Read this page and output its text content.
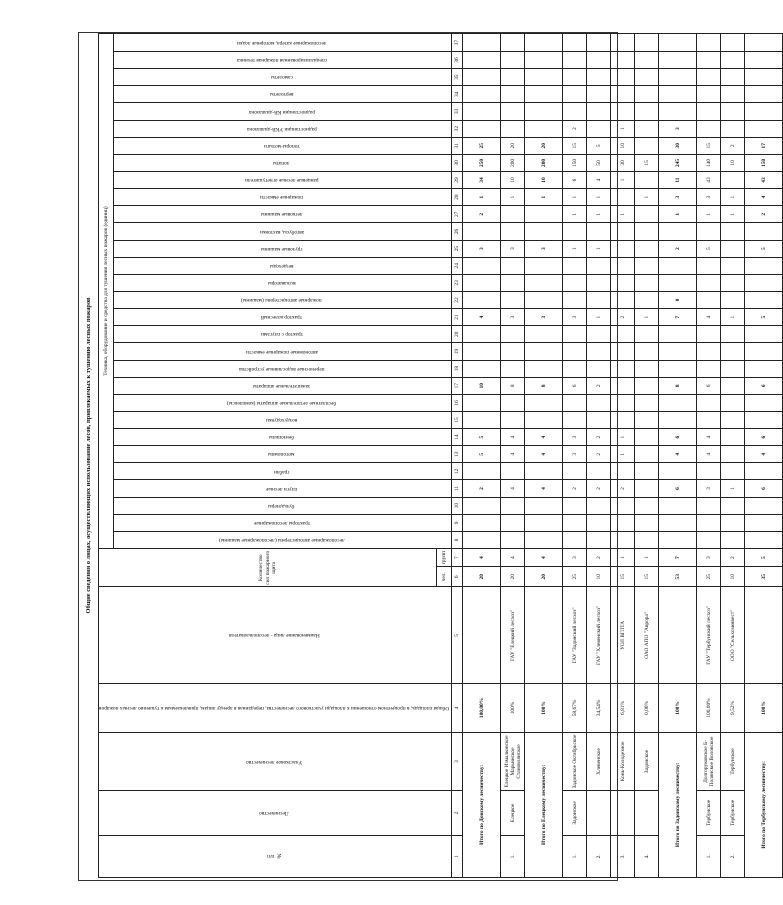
Общие сведения о лицах, осуществляющих использование лесов, привлекаемых к тушению лесных пожаров
№ п/п	Лесничество	Участковое лесничество	Общая площадь, в процентном отношении к площади участкового лесничества, переданная в аренду лицам, привлекаемым к тушению лесных пожаров	Наименование лица - лесопользователя	Количество сил пожарного щита		Техника, оборудование и средства для тушения лесных пожаров (единиц)																													
							лесопожарные автоцистерны (лесопожарные машины)	тракторы лесопожарные	бульдозеры	плуги лесные	грабли	мотопомпы	бензопилы	воздуходувки	бесплатные летательные аппараты (комплексы)	зажигательные аппараты	переносные водосливные устройства	автономные пожарные емкости	трактор с плугами	трактор колесный	пожарные автоцистерны (машины)	экскаваторы	вездеходы	грузовые машины	автобусы, вахтовки	легковые машины	пожарные емкости	ранцевые лесные огнетушители	лопаты	топоры-мотыги	радиостанции УКВ-диапазона	радиостанции КВ-диапазона	вертолеты	самолеты	специализированная пожарная техника	лесопожарные катера, моторные лодки
					чел.	групп																														
1	2	3	4	5	6	7	8	9	10	11	12	13	14	15	16	17	18	19	20	21	22	23	24	25	26	27	28	29	30	31	32	33	34	35	36	37
Итого по Донскому лесничеству:			100,00%		20	4				2		5	5			10				4				3		2	1	34	250	25						
1.	Елецкое	Елецкое Измалковское Марьинское Становлянское	100%	ГАУ "Елецкий лесхоз"	20	4				4		4	4			8				3				3			1	10	200	20						
Итого по Елецкому лесничеству:			100%		20	4				4		4	4			8				3				3			1	10	200	20						
1.	Задонское	Задонское Октябрьское	58,67%	ГАУ "Задонский лесхоз"	25	3				2		3	3			6				3				1		1	1	6	150	15	2					
2.		Хлевенское	34,54%	ГАУ "Хлевенский лесхоз"	10	2				2		2	2			2				1				1		1	1	4	50	5						
3.		Конь-Колодезное	6,81%	УОЛ ВГЛТА	15	1				2		1	1							2						1		1	30	10	1					
4.		Задонское	0,06%	ОАО АПО "Аврора"	15	1														1							1		15							
Итого по Задонскому лесничеству:			100%		53	7				6		4	6			8				7	0			2		1	3	11	245	30	3					
1.	Тербунское	Долгоруковское Б-Полянское Воловское	100,00%	ГАУ "Тербунский лесхоз"	25	3				3		4	4			6				4				5		1	3	43	140	15						
2.	Тербунское	Тербунское	9,52%	ООО "Сельхозинвест"	10	2				1										1						1	1		10	2						
Итого по Тербунскому лесничеству:			100%		35	5				6		4	6			6				5				5		2	4	43	150	17						
